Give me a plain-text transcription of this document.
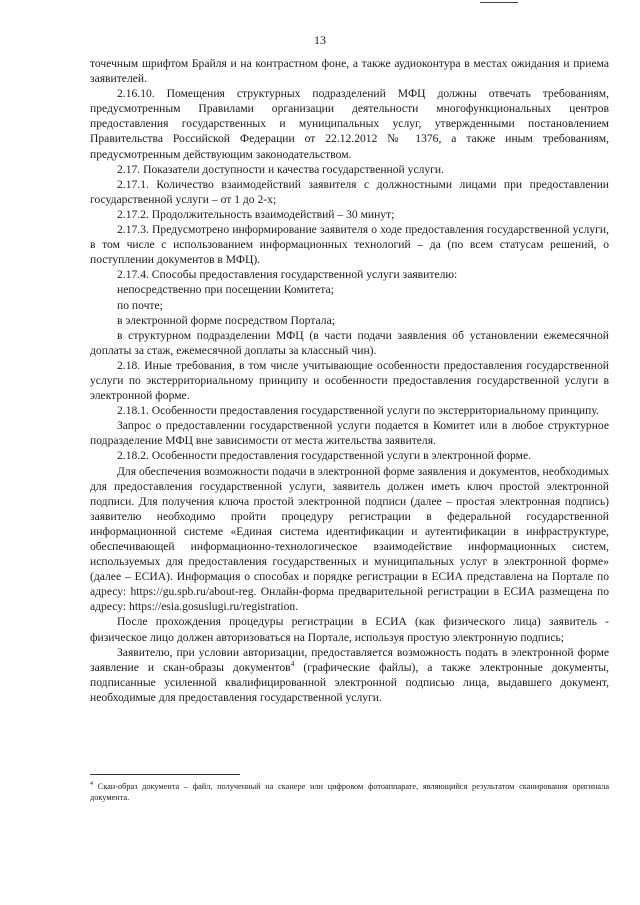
13

точечным шрифтом Брайля и на контрастном фоне, а также аудиоконтура в местах ожидания и приема заявителей.

2.16.10. Помещения структурных подразделений МФЦ должны отвечать требованиям, предусмотренным Правилами организации деятельности многофункциональных центров предоставления государственных и муниципальных услуг, утвержденными постановлением Правительства Российской Федерации от 22.12.2012 № 1376, а также иным требованиям, предусмотренным действующим законодательством.

2.17. Показатели доступности и качества государственной услуги.

2.17.1. Количество взаимодействий заявителя с должностными лицами при предоставлении государственной услуги – от 1 до 2-х;

2.17.2. Продолжительность взаимодействий – 30 минут;

2.17.3. Предусмотрено информирование заявителя о ходе предоставления государственной услуги, в том числе с использованием информационных технологий – да (по всем статусам решений, о поступлении документов в МФЦ).

2.17.4. Способы предоставления государственной услуги заявителю:

непосредственно при посещении Комитета;

по почте;

в электронной форме посредством Портала;

в структурном подразделении МФЦ (в части подачи заявления об установлении ежемесячной доплаты за стаж, ежемесячной доплаты за классный чин).

2.18. Иные требования, в том числе учитывающие особенности предоставления государственной услуги по экстерриториальному принципу и особенности предоставления государственной услуги в электронной форме.

2.18.1. Особенности предоставления государственной услуги по экстерриториальному принципу.

Запрос о предоставлении государственной услуги подается в Комитет или в любое структурное подразделение МФЦ вне зависимости от места жительства заявителя.

2.18.2. Особенности предоставления государственной услуги в электронной форме.

Для обеспечения возможности подачи в электронной форме заявления и документов, необходимых для предоставления государственной услуги, заявитель должен иметь ключ простой электронной подписи. Для получения ключа простой электронной подписи (далее – простая электронная подпись) заявителю необходимо пройти процедуру регистрации в федеральной государственной информационной системе «Единая система идентификации и аутентификации в инфраструктуре, обеспечивающей информационно-технологическое взаимодействие информационных систем, используемых для предоставления государственных и муниципальных услуг в электронной форме» (далее – ЕСИА). Информация о способах и порядке регистрации в ЕСИА представлена на Портале по адресу: https://gu.spb.ru/about-reg. Онлайн-форма предварительной регистрации в ЕСИА размещена по адресу: https://esia.gosuslugi.ru/registration.

После прохождения процедуры регистрации в ЕСИА (как физического лица) заявитель - физическое лицо должен авторизоваться на Портале, используя простую электронную подпись;

Заявителю, при условии авторизации, предоставляется возможность подать в электронной форме заявление и скан-образы документов$^4$ (графические файлы), а также электронные документы, подписанные усиленной квалифицированной электронной подписью лица, выдавшего документ, необходимые для предоставления государственной услуги.

$^4$ Скан-образ документа – файл, полученный на сканере или цифровом фотоаппарате, являющийся результатом сканирования оригинала документа.
